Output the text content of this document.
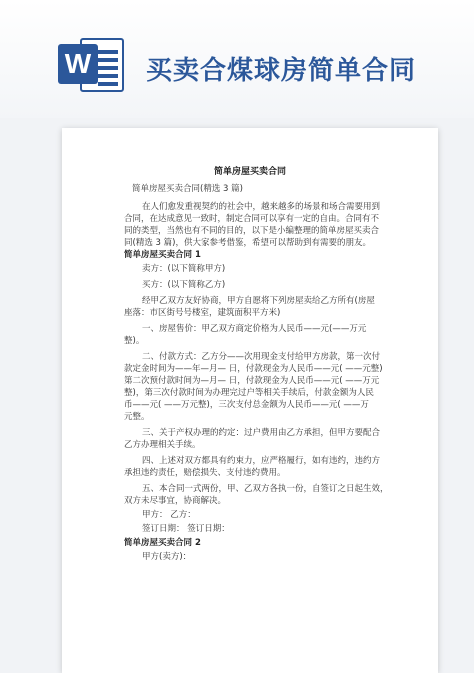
W 买卖合煤球房简单合同
简单房屋买卖合同
简单房屋买卖合同(精选 3 篇)
在人们愈发重视契约的社会中，越来越多的场景和场合需要用到
合同，在达成意见一致时，制定合同可以享有一定的自由。合同有不
同的类型，当然也有不同的目的，以下是小编整理的简单房屋买卖合
同(精选 3 篇)，供大家参考借鉴，希望可以帮助到有需要的朋友。
简单房屋买卖合同 1
卖方：(以下简称甲方)
买方：(以下简称乙方)
经甲乙双方友好协商，甲方自愿将下列房屋卖给乙方所有(房屋
座落：市区街号号楼室，建筑面积平方米)
一、房屋售价：甲乙双方商定价格为人民币——元(——万元
整)。
二、付款方式：乙方分——次用现金支付给甲方房款，第一次付
款定金时间为——年—月— 日，付款现金为人民币——元( ——元整)
第二次预付款时间为—月— 日，付款现金为人民币——元( ——万元
整)，第三次付款时间为办理完过户等相关手续后，付款金额为人民
币——元( ——万元整)，三次支付总金额为人民币——元( ——万
元整。
三、关于产权办理的约定：过户费用由乙方承担，但甲方要配合
乙方办理相关手续。
四、上述对双方都具有约束力，应严格履行，如有违约，违约方
承担违约责任，赔偿损失、支付违约费用。
五、本合同一式两份，甲、乙双方各执一份，自签订之日起生效，
双方未尽事宜，协商解决。
甲方： 乙方：
签订日期： 签订日期：
简单房屋买卖合同 2
甲方(卖方)：
